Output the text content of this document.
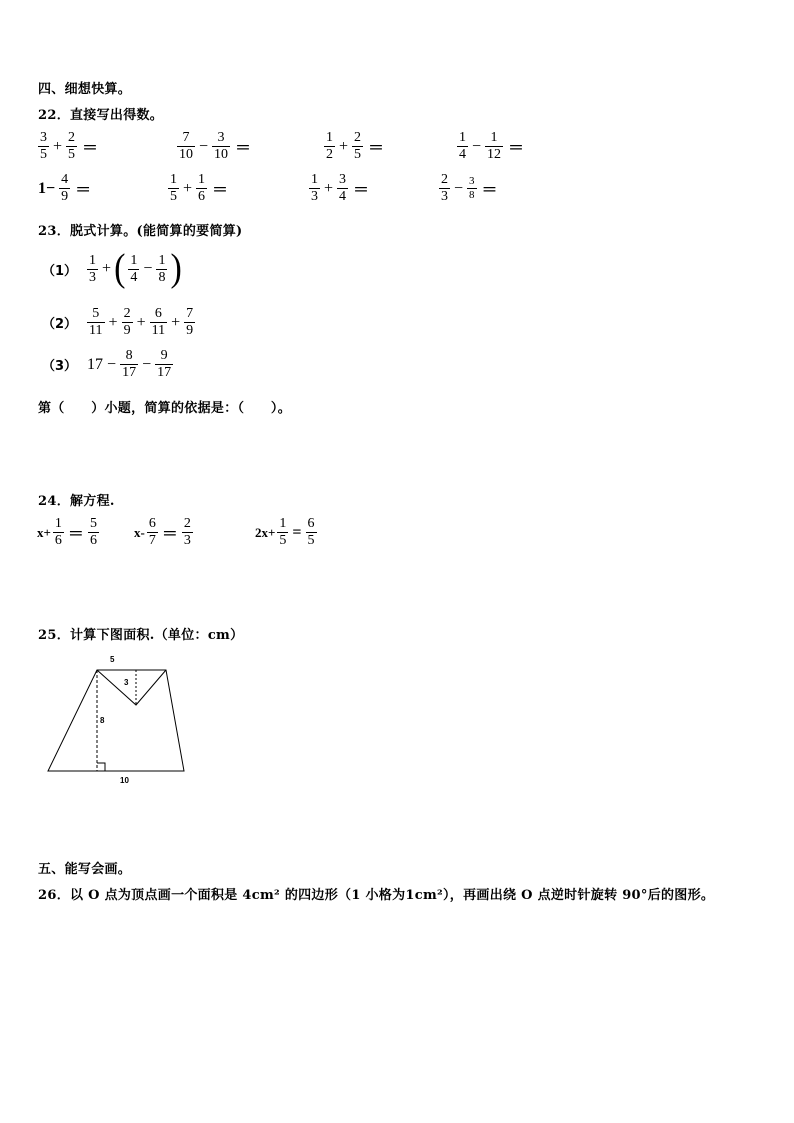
四、细想快算。
22．直接写出得数。
$\frac{3}{5} + \frac{2}{5}$ ＝	$\frac{7}{10} - \frac{3}{10}$ ＝	$\frac{1}{2} + \frac{2}{5}$ ＝	$\frac{1}{4} - \frac{1}{12}$ ＝
$1- \frac{4}{9}$ ＝	$\frac{1}{5} + \frac{1}{6}$ ＝	$\frac{1}{3} + \frac{3}{4}$ ＝	$\frac{2}{3} - \frac{3}{8}$ ＝
23．脱式计算。(能简算的要简算)
$(1) \frac{1}{3}$ + ( $\frac{1}{4} - \frac{1}{8}$ )
$(2) \frac{5}{11} + \frac{2}{9} + \frac{6}{11} + \frac{7}{9}$
（3） $17 - \frac{8}{17} - \frac{9}{17}$
第（　　）小题，简算的依据是：（　　）。
24．解方程.
$x+ \frac{1}{6} = \frac{5}{6}$	$x- \frac{6}{7} = \frac{2}{3}$	$2x+ \frac{1}{5} = \frac{6}{5}$
25．计算下图面积.（单位：cm）
5
3
8
10
五、能写会画。
26．以 O 点为顶点画一个面积是 4cm² 的四边形（1 小格为1cm²），再画出绕 O 点逆时针旋转 90°后的图形。
